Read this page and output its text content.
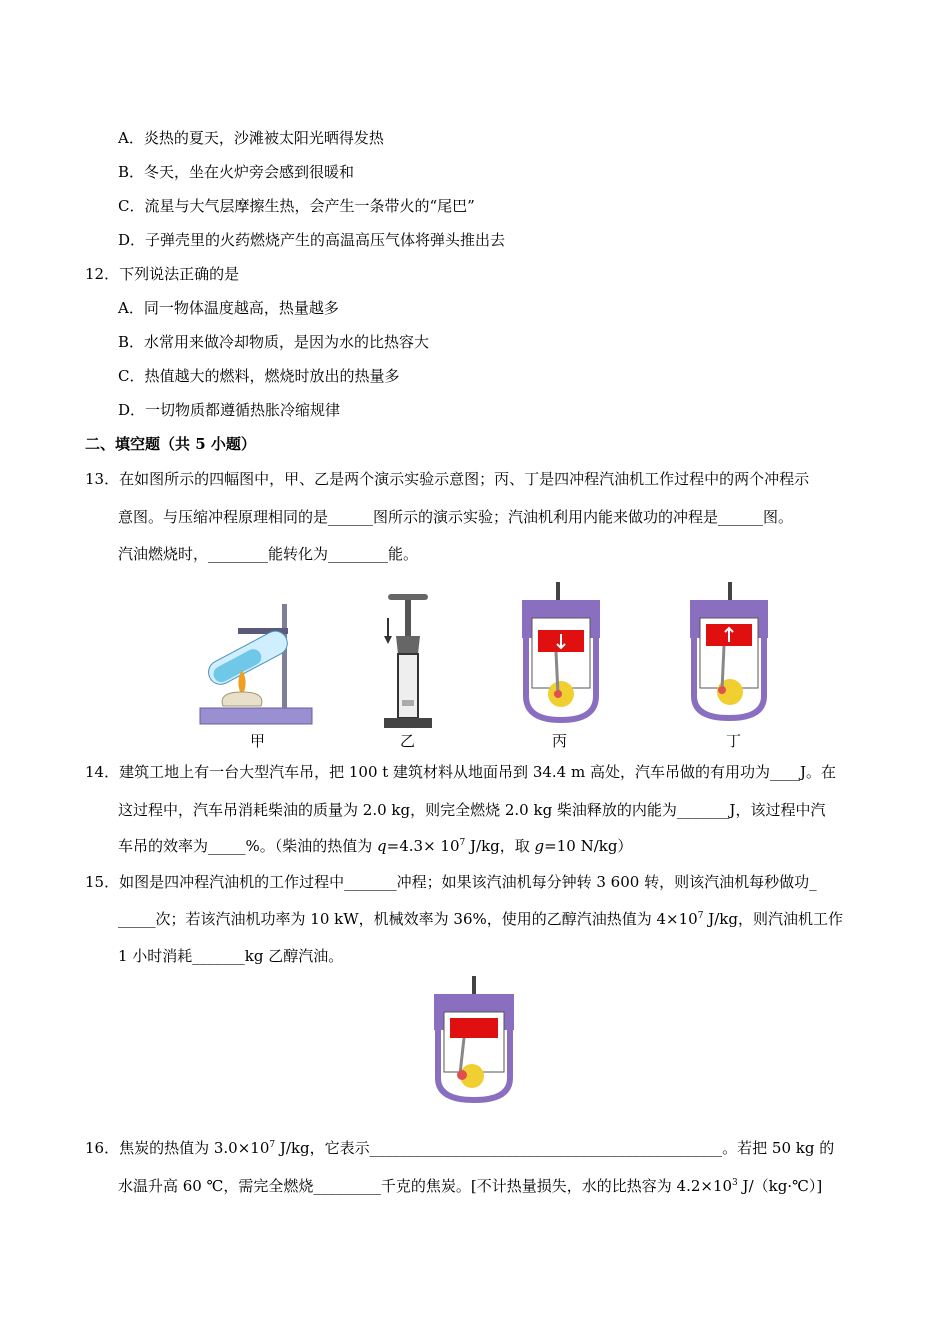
A．炎热的夏天，沙滩被太阳光晒得发热
B．冬天，坐在火炉旁会感到很暖和
C．流星与大气层摩擦生热，会产生一条带火的“尾巴”
D．子弹壳里的火药燃烧产生的高温高压气体将弹头推出去
12．下列说法正确的是
A．同一物体温度越高，热量越多
B．水常用来做冷却物质，是因为水的比热容大
C．热值越大的燃料，燃烧时放出的热量多
D．一切物质都遵循热胀冷缩规律
二、填空题（共 5 小题）
13．在如图所示的四幅图中，甲、乙是两个演示实验示意图；丙、丁是四冲程汽油机工作过程中的两个冲程示
意图。与压缩冲程原理相同的是______图所示的演示实验；汽油机利用内能来做功的冲程是______图。
汽油燃烧时，________能转化为________能。
甲	乙	丙	丁
14．建筑工地上有一台大型汽车吊，把 100 t 建筑材料从地面吊到 34.4 m 高处，汽车吊做的有用功为____J。在
这过程中，汽车吊消耗柴油的质量为 2.0 kg，则完全燃烧 2.0 kg 柴油释放的内能为_______J，该过程中汽
车吊的效率为_____%。（柴油的热值为 $q=4.3\times 10^7$ J/kg，取 g=10 N/kg）
15．如图是四冲程汽油机的工作过程中_______冲程；如果该汽油机每分钟转 3 600 转，则该汽油机每秒做功_
_____次；若该汽油机功率为 10 kW，机械效率为 36%，使用的乙醇汽油热值为 $4\times 10^7$ J/kg，则汽油机工作
1 小时消耗_______kg 乙醇汽油。
16．焦炭的热值为 $3.0\times 10^7$ J/kg，它表示_______________________________________________。若把 50 kg 的
水温升高 60 ℃，需完全燃烧_________千克的焦炭。[不计热量损失，水的比热容为 $4.2\times 10^3$ J/（kg·℃）]
